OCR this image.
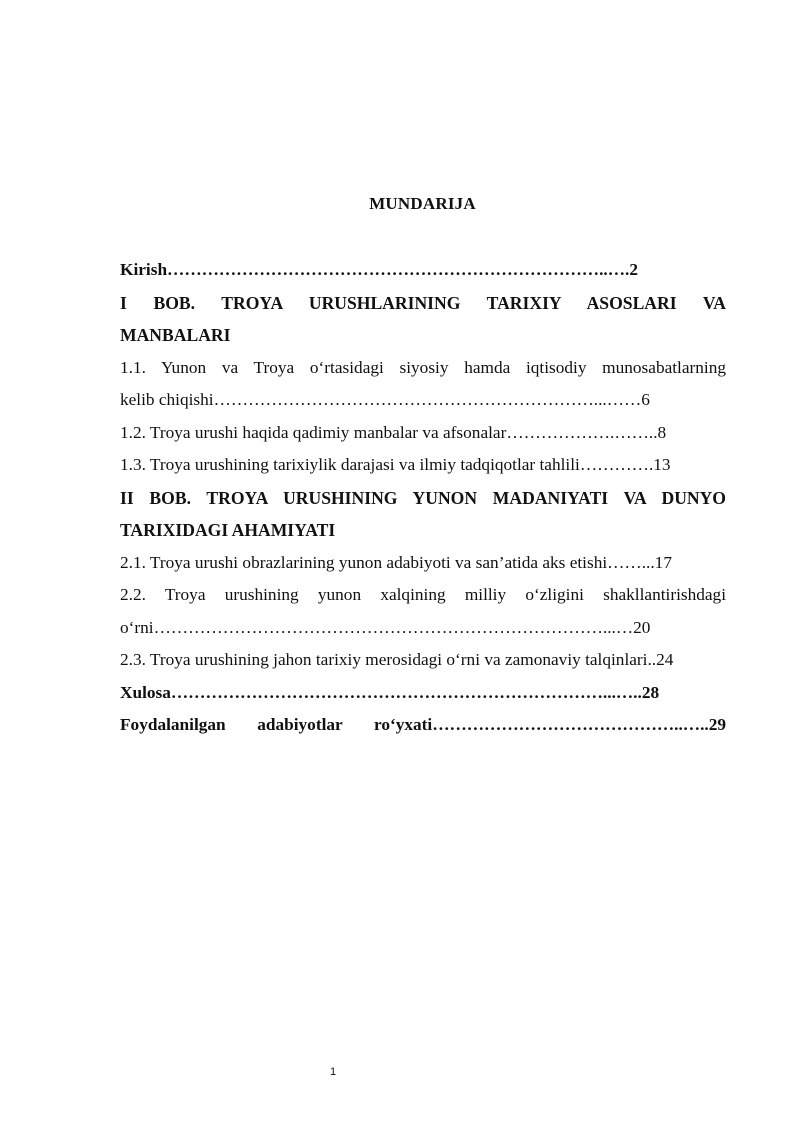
MUNDARIJA
Kirish…………………………………………………………………..….2
I BOB. TROYA URUSHLARINING TARIXIY ASOSLARI VA
MANBALARI
1.1. Yunon va Troya o‘rtasidagi siyosiy hamda iqtisodiy munosabatlarning
kelib chiqishi…………………………………………………………...……6
1.2. Troya urushi haqida qadimiy manbalar va afsonalar……………….……..8
1.3. Troya urushining tarixiylik darajasi va ilmiy tadqiqotlar tahlili………….13
II BOB. TROYA URUSHINING YUNON MADANIYATI VA DUNYO
TARIXIDAGI AHAMIYATI
2.1. Troya urushi obrazlarining yunon adabiyoti va san’atida aks etishi……...17
2.2. Troya urushining yunon xalqining milliy o‘zligini shakllantirishdagi
o‘rni……………………………………………………………………...…20
2.3. Troya urushining jahon tarixiy merosidagi o‘rni va zamonaviy talqinlari..24
Xulosa…………………………………………………………………...…..28
Foydalanilgan adabiyotlar ro‘yxati……………………………………..…..29
1
